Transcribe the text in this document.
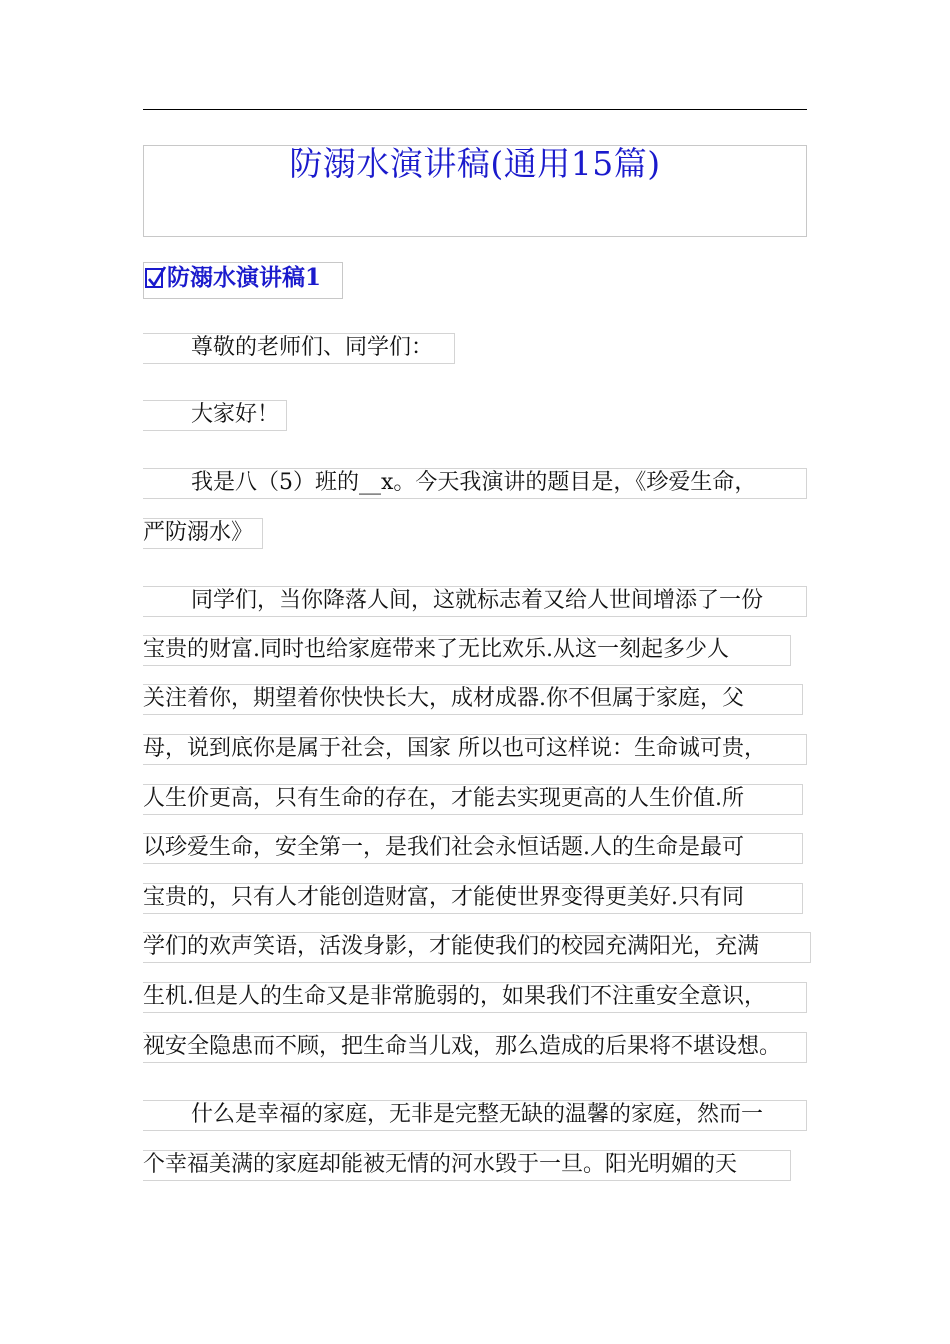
防溺水演讲稿(通用15篇)
防溺水演讲稿1
尊敬的老师们、同学们：
大家好！
我是八（5）班的__x。今天我演讲的题目是，《珍爱生命，
严防溺水》
同学们，当你降落人间，这就标志着又给人世间增添了一份
宝贵的财富.同时也给家庭带来了无比欢乐.从这一刻起多少人
关注着你，期望着你快快长大，成材成器.你不但属于家庭，父
母，说到底你是属于社会，国家 所以也可这样说：生命诚可贵，
人生价更高，只有生命的存在，才能去实现更高的人生价值.所
以珍爱生命，安全第一，是我们社会永恒话题.人的生命是最可
宝贵的，只有人才能创造财富，才能使世界变得更美好.只有同
学们的欢声笑语，活泼身影，才能使我们的校园充满阳光，充满
生机.但是人的生命又是非常脆弱的，如果我们不注重安全意识，
视安全隐患而不顾，把生命当儿戏，那么造成的后果将不堪设想。
什么是幸福的家庭，无非是完整无缺的温馨的家庭，然而一
个幸福美满的家庭却能被无情的河水毁于一旦。阳光明媚的天
